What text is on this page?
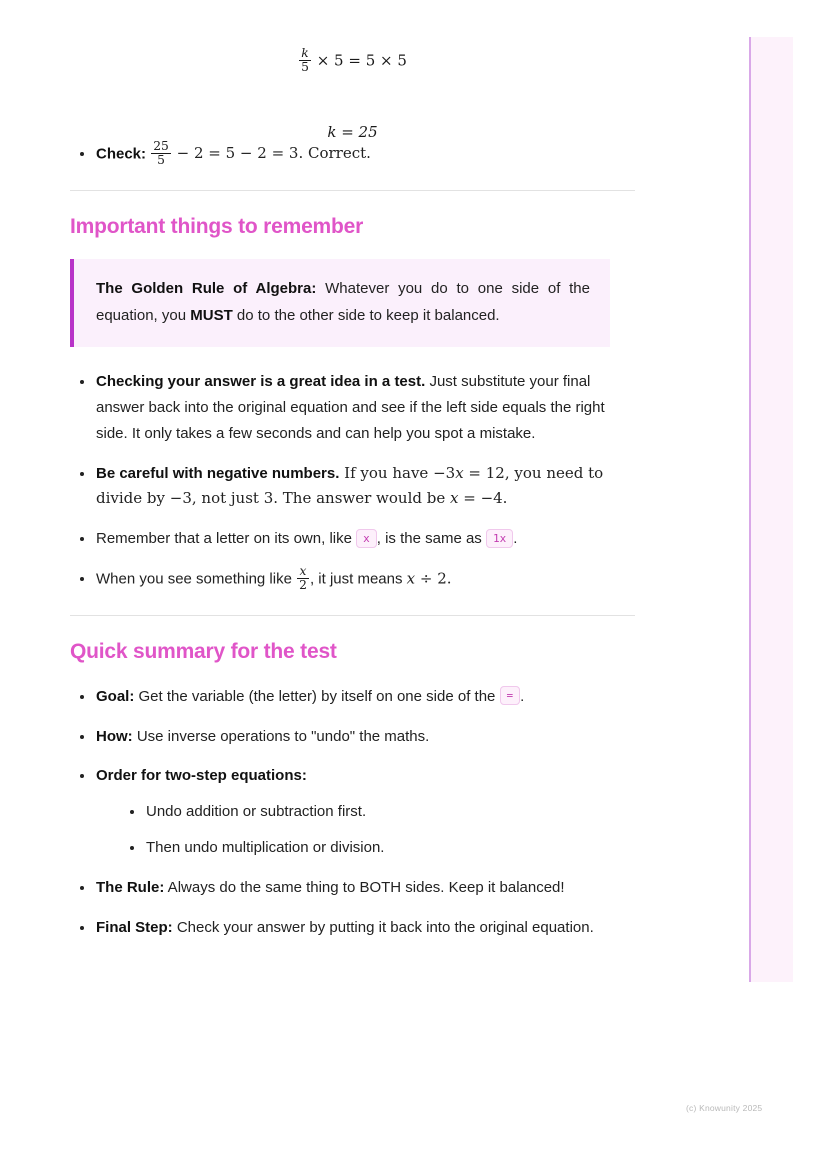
$\frac{k}{5} \times 5 = 5 \times 5$
k = 25
Check: $\frac{25}{5} - 2 = 5 - 2 = 3$. Correct.
Important things to remember

The Golden Rule of Algebra: Whatever you do to one side of the equation, you MUST do to the other side to keep it balanced.

Checking your answer is a great idea in a test. Just substitute your final answer back into the original equation and see if the left side equals the right side. It only takes a few seconds and can help you spot a mistake.
Be careful with negative numbers. If you have −3x = 12, you need to divide by −3, not just 3. The answer would be x = −4.
Remember that a letter on its own, like x , is the same as 1x .
When you see something like $\frac{x}{2}$ , it just means x ÷ 2.
Quick summary for the test
Goal: Get the variable (the letter) by itself on one side of the = .
How: Use inverse operations to "undo" the maths.
Order for two-step equations:
Undo addition or subtraction first.
Then undo multiplication or division.
The Rule: Always do the same thing to BOTH sides. Keep it balanced!
Final Step: Check your answer by putting it back into the original equation.
(c) Knowunity 2025
